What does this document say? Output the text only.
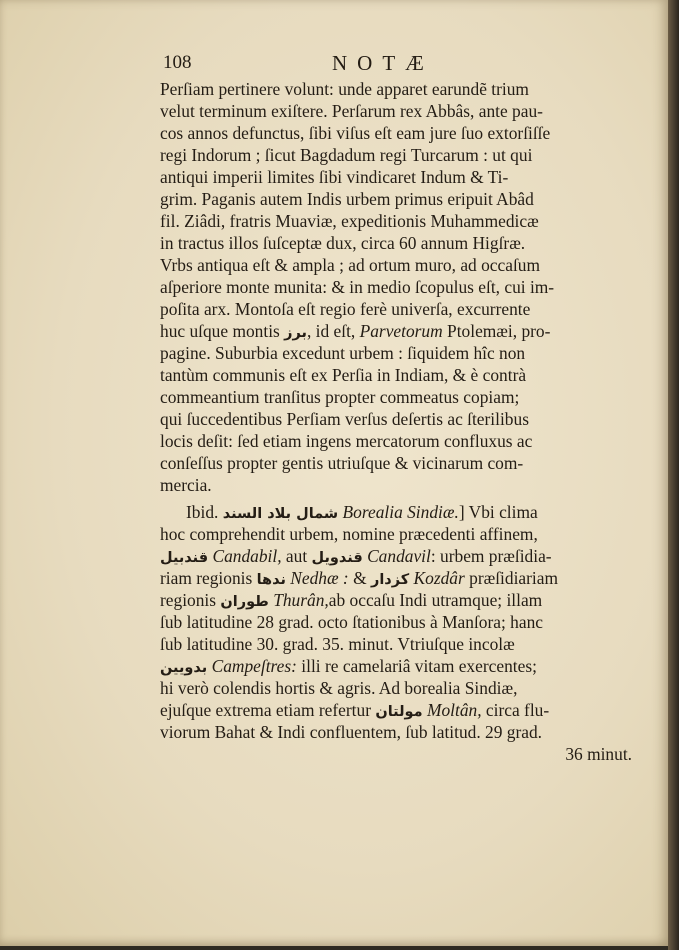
108	NOTÆ
Perſiam pertinere volunt: unde apparet earundẽ trium
velut terminum exiſtere. Perſarum rex Abbâs, ante pau-
cos annos defunctus, ſibi viſus eſt eam jure ſuo extorſiſſe
regi Indorum ; ſicut Bagdadum regi Turcarum : ut qui
antiqui imperii limites ſibi vindicaret Indum & Ti-
grim. Paganis autem Indis urbem primus eripuit Abâd
fil. Ziâdi, fratris Muaviæ, expeditionis Muhammedicæ
in tractus illos ſuſceptæ dux, circa 60 annum Higſræ.
Vrbs antiqua eſt & ampla ; ad ortum muro, ad occaſum
aſperiore monte munita: & in medio ſcopulus eſt, cui im-
poſita arx. Montoſa eſt regio ferè univerſa, excurrente
huc uſque montis برز, id eſt, Parvetorum Ptolemæi, pro-
pagine. Suburbia excedunt urbem : ſiquidem hîc non
tantùm communis eſt ex Perſia in Indiam, & è contrà
commeantium tranſitus propter commeatus copiam;
qui ſuccedentibus Perſiam verſus deſertis ac ſterilibus
locis deſit: ſed etiam ingens mercatorum confluxus ac
conſeſſus propter gentis utriuſque & vicinarum com-
mercia.
Ibid. شمال بلاد السند Borealia Sindiæ.] Vbi clima
hoc comprehendit urbem, nomine præcedenti affinem,
قندبيل Candabil, aut قندويل Candavil: urbem præſidia-
riam regionis ندها Nedhæ : & كزدار Kozdâr præſidiariam
regionis طوران Thurân,ab occaſu Indi utramque; illam
ſub latitudine 28 grad. octo ſtationibus à Manſora; hanc
ſub latitudine 30. grad. 35. minut. Vtriuſque incolæ
بدويين Campeſtres: illi re camelariâ vitam exercentes;
hi verò colendis hortis & agris. Ad borealia Sindiæ,
ejuſque extrema etiam refertur مولتان Moltân, circa flu-
viorum Bahat & Indi confluentem, ſub latitud. 29 grad.
36 minut.
